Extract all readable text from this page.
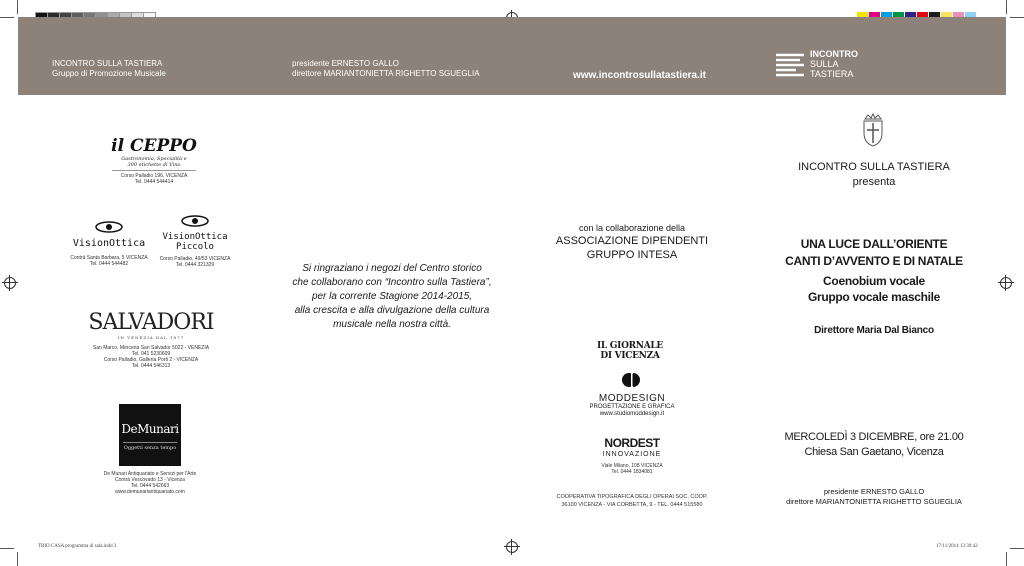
INCONTRO SULLA TASTIERA
Gruppo di Promozione Musicale
presidente ERNESTO GALLO
direttore MARIANTONIETTA RIGHETTO SGUEGLIA	www.incontrosullatastiera.it
INCONTRO
SULLA
TASTIERA
il CEPPO
Gastronomia, Specialità e
300 etichette di Vino
Corso Palladio 196, VICENZA
Tel. 0444 544414
VisionOttica
Contrà Santa Barbara, 5 VICENZA
Tel. 0444 544482
VisionOttica
Piccolo
Corso Palladio, 49/53 VICENZA
Tel. 0444 321329
SALVADORI
IN VENEZIA DAL 1877
San Marco, Merceria San Salvador 5022 - VENEZIA
Tel. 041 5230609
Corso Palladio, Galleria Porti 2 - VICENZA
Tel. 0444 546313
DeMunari
Oggetti senza tempo
De Munari Antiquariato e Servizi per l'Arte
Contrà Vescovado 13 - Vicenza
Tel. 0444 542663
www.demunariantiquariato.com
Si ringraziano i negozi del Centro storico
che collaborano con “Incontro sulla Tastiera”,
per la corrente Stagione 2014-2015,
alla crescita e alla divulgazione della cultura
musicale nella nostra città.
con la collaborazione della
ASSOCIAZIONE DIPENDENTI
GRUPPO INTESA
IL GIORNALE
DI VICENZA
MODDESIGN
PROGETTAZIONE E GRAFICA
www.studiomoddesign.it
NORDEST
INNOVAZIONE
Viale Milano, 108 VICENZA
Tel. 0444 1834081
COOPERATIVA TIPOGRAFICA DEGLI OPERAI SOC. COOP.
36100 VICENZA - VIA CORBETTA, 9 - TEL. 0444 515580
INCONTRO SULLA TASTIERA
presenta
UNA LUCE DALL’ORIENTE
CANTI D’AVVENTO E DI NATALE
Coenobium vocale
Gruppo vocale maschile
Direttore Maria Dal Bianco
MERCOLEDÌ 3 DICEMBRE, ore 21.00
Chiesa San Gaetano, Vicenza
presidente ERNESTO GALLO
direttore MARIANTONIETTA RIGHETTO SGUEGLIA
TRIO CASA programma di sala.indd 3	17/11/2014 13:39:42
